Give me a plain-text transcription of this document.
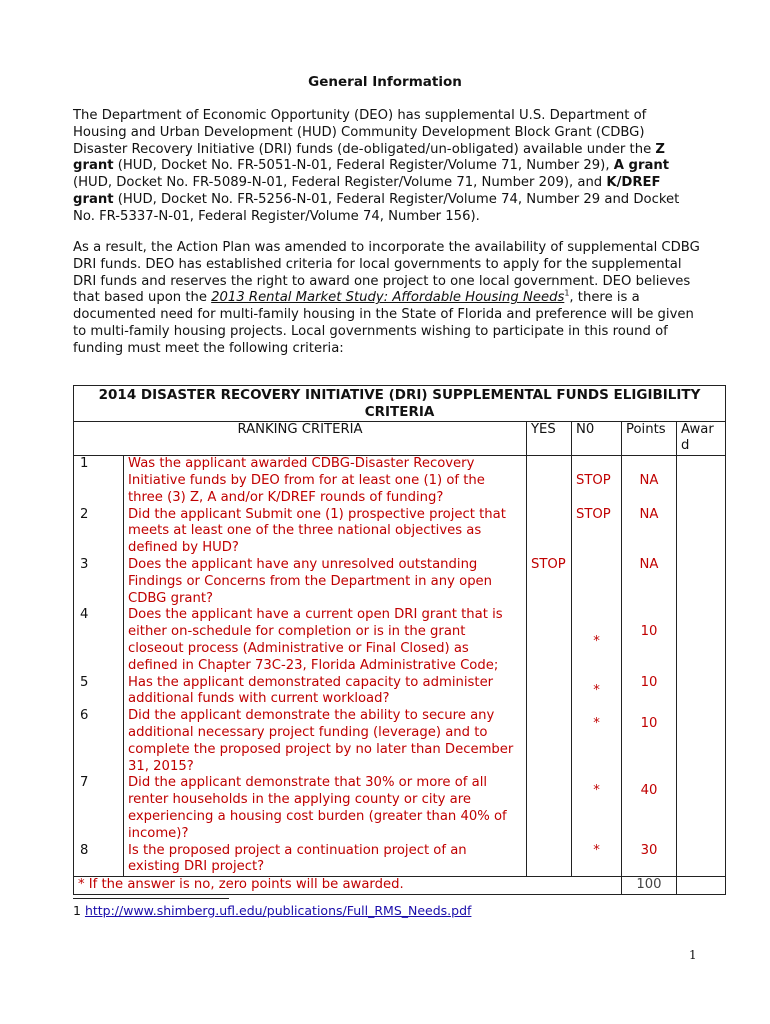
General Information

The Department of Economic Opportunity (DEO) has supplemental U.S. Department of Housing and Urban Development (HUD) Community Development Block Grant (CDBG) Disaster Recovery Initiative (DRI) funds (de-obligated/un-obligated) available under the Z grant (HUD, Docket No. FR-5051-N-01, Federal Register/Volume 71, Number 29), A grant (HUD, Docket No. FR-5089-N-01, Federal Register/Volume 71, Number 209), and K/DREF grant (HUD, Docket No. FR-5256-N-01, Federal Register/Volume 74, Number 29 and Docket No. FR-5337-N-01, Federal Register/Volume 74, Number 156).

As a result, the Action Plan was amended to incorporate the availability of supplemental CDBG DRI funds. DEO has established criteria for local governments to apply for the supplemental DRI funds and reserves the right to award one project to one local government. DEO believes that based upon the 2013 Rental Market Study: Affordable Housing Needs$^1$, there is a documented need for multi-family housing in the State of Florida and preference will be given to multi-family housing projects. Local governments wishing to participate in this round of funding must meet the following criteria:

2014 DISASTER RECOVERY INITIATIVE (DRI) SUPPLEMENTAL FUNDS ELIGIBILITY CRITERIA					
RANKING CRITERIA		YES	N0	Points	Award
1	Was the applicant awarded CDBG-Disaster Recovery Initiative funds by DEO from for at least one (1) of the three (3) Z, A and/or K/DREF rounds of funding?		STOP	NA	
2	Did the applicant Submit one (1) prospective project that meets at least one of the three national objectives as defined by HUD?		STOP	NA	
3	Does the applicant have any unresolved outstanding Findings or Concerns from the Department in any open CDBG grant?	STOP		NA	
4	Does the applicant have a current open DRI grant that is either on-schedule for completion or is in the grant closeout process (Administrative or Final Closed) as defined in Chapter 73C-23, Florida Administrative Code;		*	10	
5	Has the applicant demonstrated capacity to administer additional funds with current workload?		*	10	
6	Did the applicant demonstrate the ability to secure any additional necessary project funding (leverage) and to complete the proposed project by no later than December 31, 2015?		*	10	
7	Did the applicant demonstrate that 30% or more of all renter households in the applying county or city are experiencing a housing cost burden (greater than 40% of income)?		*	40	
8	Is the proposed project a continuation project of an existing DRI project?		*	30	
* If the answer is no, zero points will be awarded.				100	
1 http://www.shimberg.ufl.edu/publications/Full_RMS_Needs.pdf
1
